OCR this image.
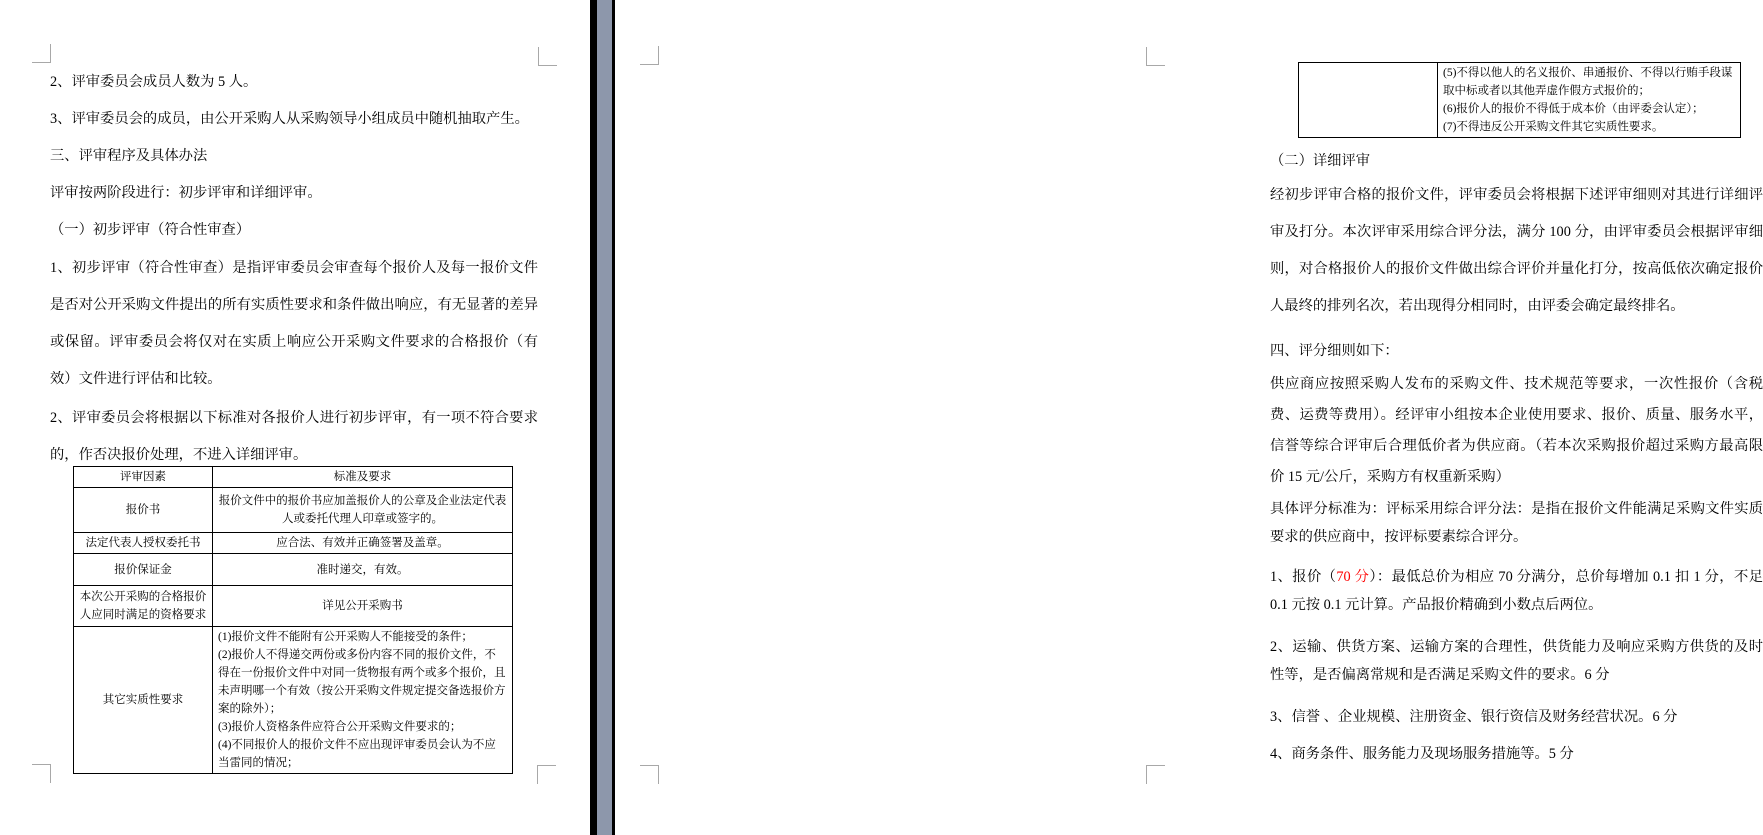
2、评审委员会成员人数为 5 人。

3、评审委员会的成员，由公开采购人从采购领导小组成员中随机抽取产生。

三、评审程序及具体办法

评审按两阶段进行：初步评审和详细评审。

（一）初步评审（符合性审查）

1、初步评审（符合性审查）是指评审委员会审查每个报价人及每一报价文件是否对公开采购文件提出的所有实质性要求和条件做出响应，有无显著的差异或保留。评审委员会将仅对在实质上响应公开采购文件要求的合格报价（有效）文件进行评估和比较。

2、评审委员会将根据以下标准对各报价人进行初步评审，有一项不符合要求的，作否决报价处理，不进入详细评审。

评审因素	标准及要求
报价书	报价文件中的报价书应加盖报价人的公章及企业法定代表人或委托代理人印章或签字的。
法定代表人授权委托书	应合法、有效并正确签署及盖章。
报价保证金	准时递交，有效。
本次公开采购的合格报价人应同时满足的资格要求	详见公开采购书
其它实质性要求	(1)报价文件不能附有公开采购人不能接受的条件；
(2)报价人不得递交两份或多份内容不同的报价文件，不得在一份报价文件中对同一货物报有两个或多个报价，且未声明哪一个有效（按公开采购文件规定提交备选报价方案的除外）；
(3)报价人资格条件应符合公开采购文件要求的；
(4)不同报价人的报价文件不应出现评审委员会认为不应当雷同的情况；

(5)不得以他人的名义报价、串通报价、不得以行贿手段谋取中标或者以其他弄虚作假方式报价的；
(6)报价人的报价不得低于成本价（由评委会认定）；
(7)不得违反公开采购文件其它实质性要求。

（二）详细评审

经初步评审合格的报价文件，评审委员会将根据下述评审细则对其进行详细评审及打分。本次评审采用综合评分法，满分 100 分，由评审委员会根据评审细则，对合格报价人的报价文件做出综合评价并量化打分，按高低依次确定报价人最终的排列名次，若出现得分相同时，由评委会确定最终排名。

四、评分细则如下：

供应商应按照采购人发布的采购文件、技术规范等要求，一次性报价（含税费、运费等费用）。经评审小组按本企业使用要求、报价、质量、服务水平，信誉等综合评审后合理低价者为供应商。（若本次采购报价超过采购方最高限价 15 元/公斤，采购方有权重新采购）

具体评分标准为：评标采用综合评分法：是指在报价文件能满足采购文件实质要求的供应商中，按评标要素综合评分。

1、报价（70 分）：最低总价为相应 70 分满分，总价每增加 0.1 扣 1 分，不足 0.1 元按 0.1 元计算。产品报价精确到小数点后两位。

2、运输、供货方案、运输方案的合理性，供货能力及响应采购方供货的及时性等，是否偏离常规和是否满足采购文件的要求。6 分

3、信誉 、企业规模、注册资金、银行资信及财务经营状况。6 分

4、商务条件、服务能力及现场服务措施等。5 分
